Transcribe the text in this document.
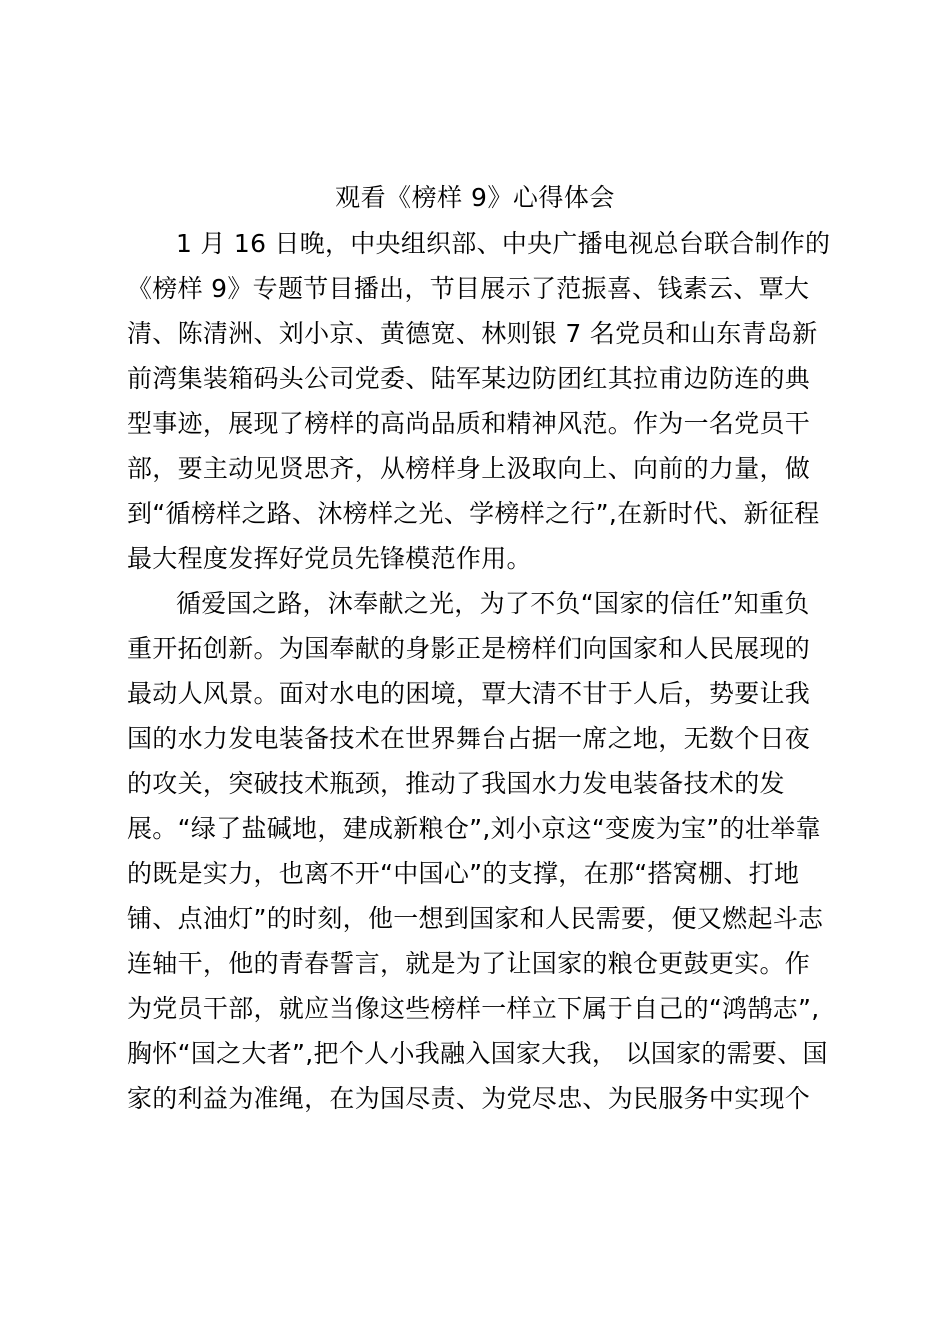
观看《榜样 9》心得体会
1 月 16 日晚，中央组织部、中央广播电视总台联合制作的
《榜样 9》专题节目播出，节目展示了范振喜、钱素云、覃大
清、陈清洲、刘小京、黄德宽、林则银 7 名党员和山东青岛新
前湾集装箱码头公司党委、陆军某边防团红其拉甫边防连的典
型事迹，展现了榜样的高尚品质和精神风范。作为一名党员干
部，要主动见贤思齐，从榜样身上汲取向上、向前的力量，做
到“循榜样之路、沐榜样之光、学榜样之行”,在新时代、新征程
最大程度发挥好党员先锋模范作用。
循爱国之路，沐奉献之光，为了不负“国家的信任”知重负
重开拓创新。为国奉献的身影正是榜样们向国家和人民展现的
最动人风景。面对水电的困境，覃大清不甘于人后，势要让我
国的水力发电装备技术在世界舞台占据一席之地，无数个日夜
的攻关，突破技术瓶颈，推动了我国水力发电装备技术的发
展。“绿了盐碱地，建成新粮仓”,刘小京这“变废为宝”的壮举靠
的既是实力，也离不开“中国心”的支撑，在那“搭窝棚、打地
铺、点油灯”的时刻，他一想到国家和人民需要，便又燃起斗志
连轴干，他的青春誓言，就是为了让国家的粮仓更鼓更实。作
为党员干部，就应当像这些榜样一样立下属于自己的“鸿鹄志”,
胸怀“国之大者”,把个人小我融入国家大我， 以国家的需要、国
家的利益为准绳，在为国尽责、为党尽忠、为民服务中实现个
